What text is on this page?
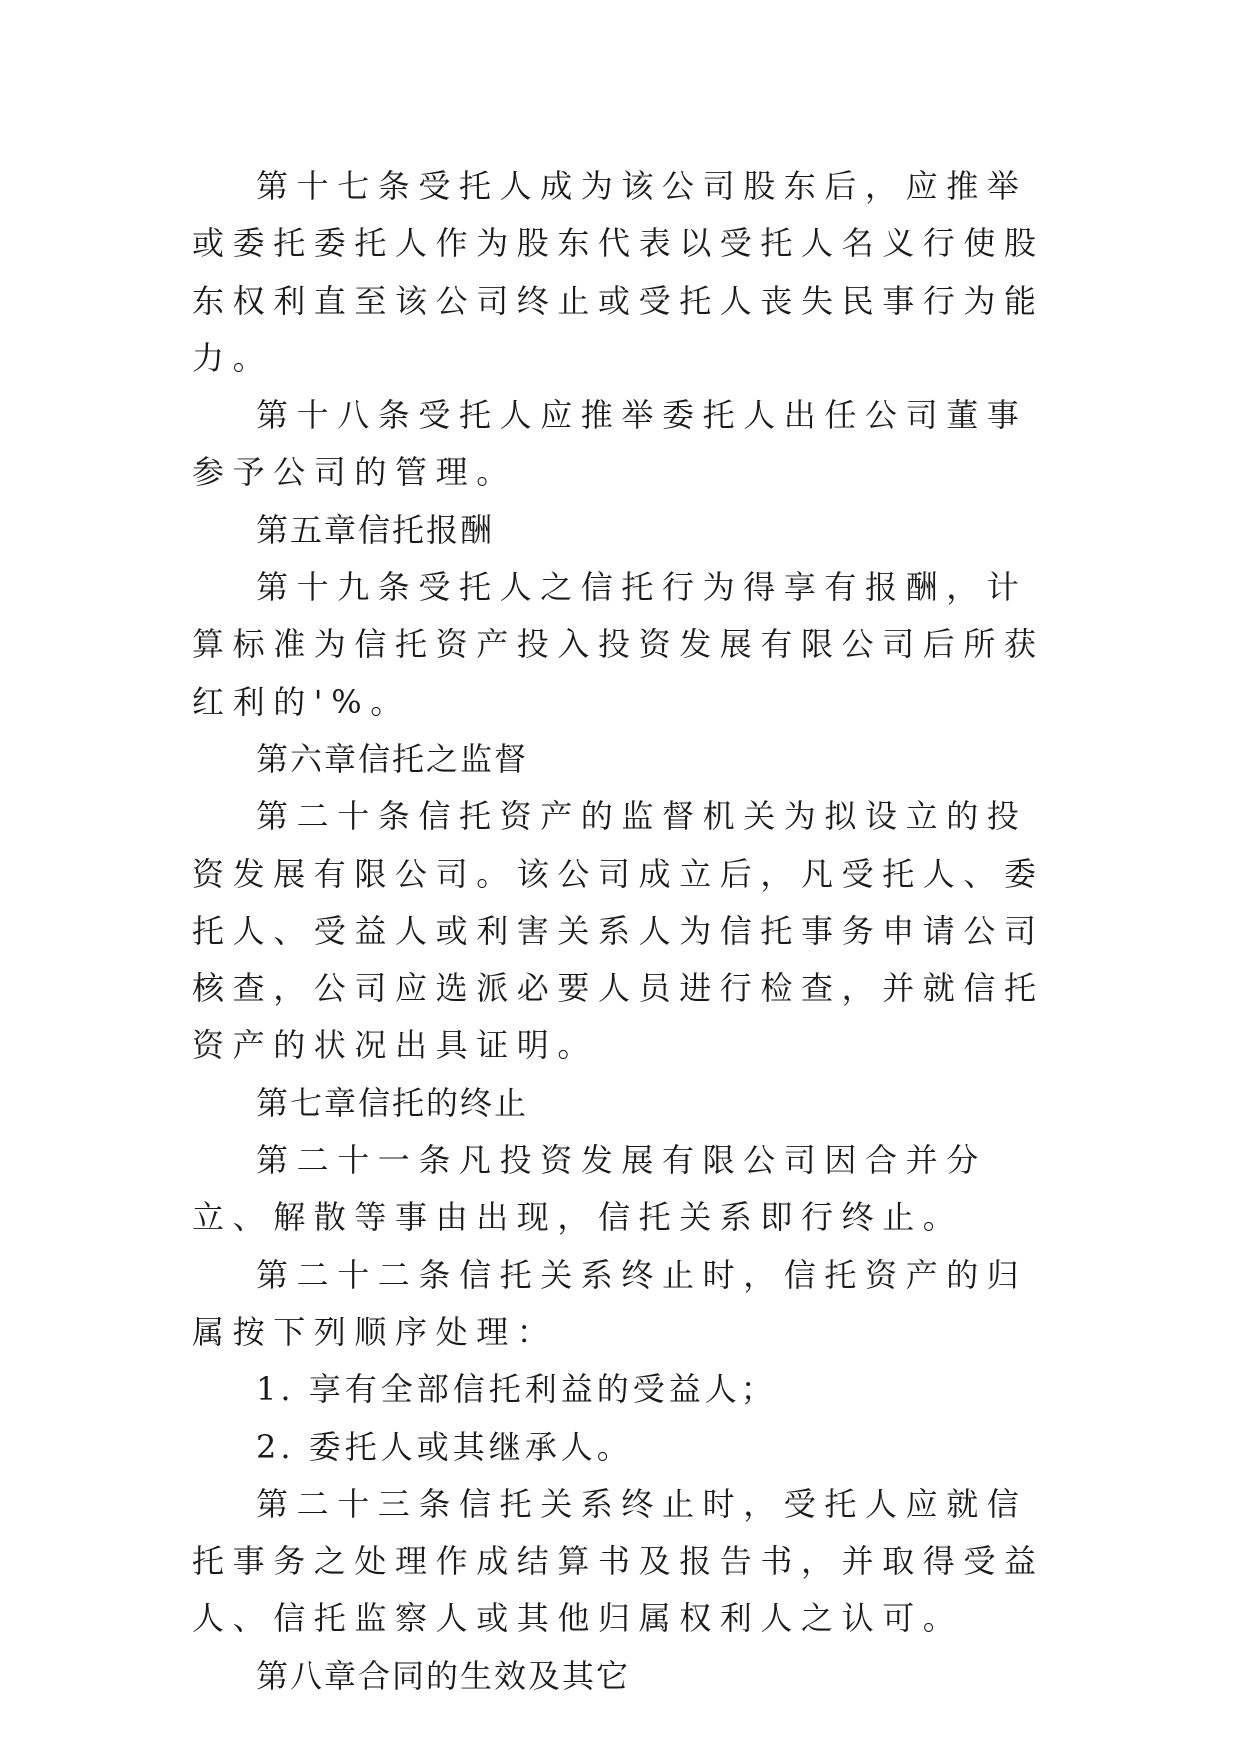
第十七条受托人成为该公司股东后，应推举或委托委托人作为股东代表以受托人名义行使股东权利直至该公司终止或受托人丧失民事行为能力。

第十八条受托人应推举委托人出任公司董事参予公司的管理。

第五章信托报酬

第十九条受托人之信托行为得享有报酬，计算标准为信托资产投入投资发展有限公司后所获红利的'%。

第六章信托之监督

第二十条信托资产的监督机关为拟设立的投资发展有限公司。该公司成立后，凡受托人、委托人、受益人或利害关系人为信托事务申请公司核查，公司应选派必要人员进行检查，并就信托资产的状况出具证明。

第七章信托的终止

第二十一条凡投资发展有限公司因合并分立、解散等事由出现，信托关系即行终止。

第二十二条信托关系终止时，信托资产的归属按下列顺序处理：

1. 享有全部信托利益的受益人；

2. 委托人或其继承人。

第二十三条信托关系终止时，受托人应就信托事务之处理作成结算书及报告书，并取得受益人、信托监察人或其他归属权利人之认可。

第八章合同的生效及其它
